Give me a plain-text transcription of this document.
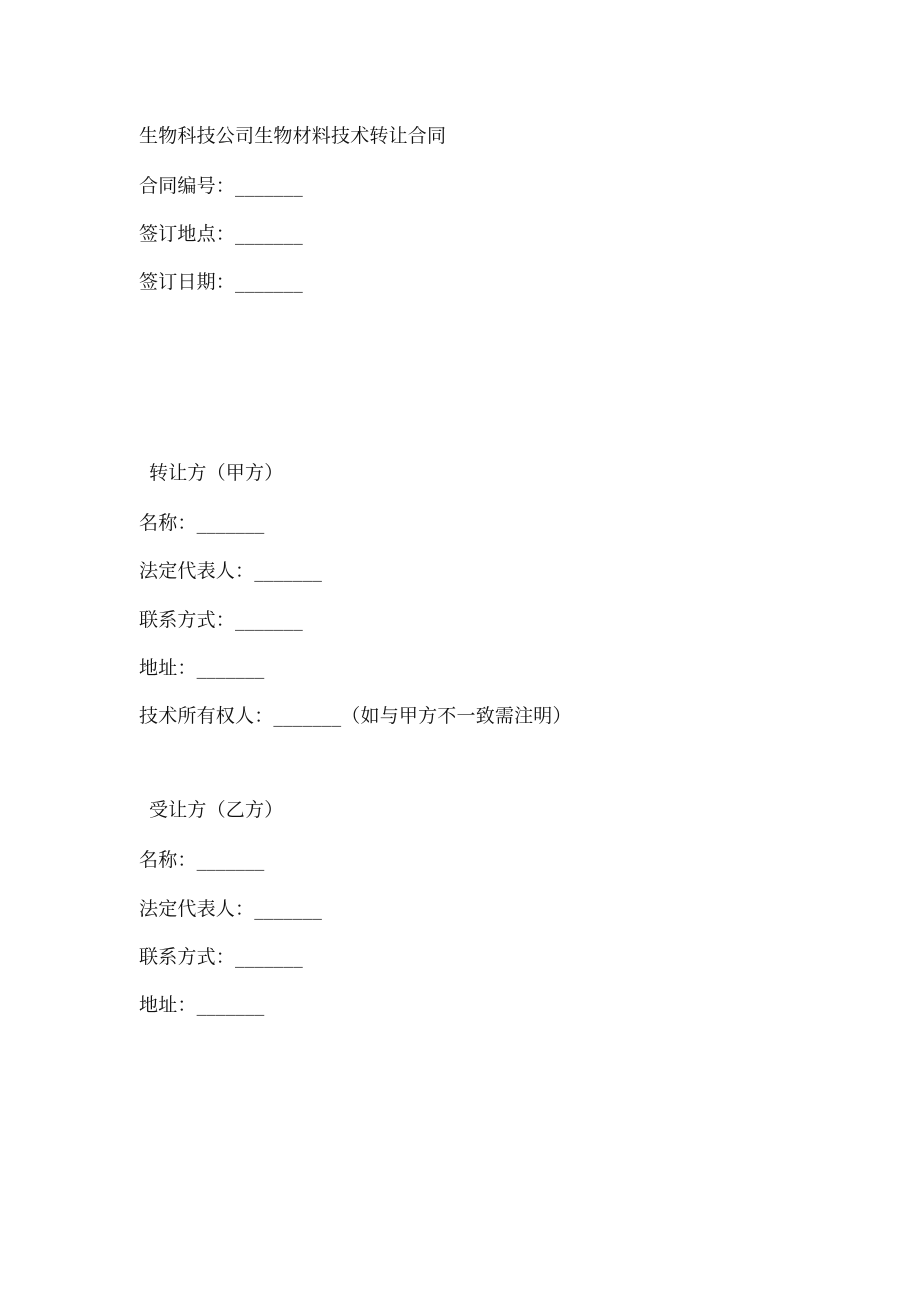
生物科技公司生物材料技术转让合同
合同编号：_______
签订地点：_______
签订日期：_______
转让方（甲方）
名称：_______
法定代表人：_______
联系方式：_______
地址：_______
技术所有权人：_______（如与甲方不一致需注明）
受让方（乙方）
名称：_______
法定代表人：_______
联系方式：_______
地址：_______
